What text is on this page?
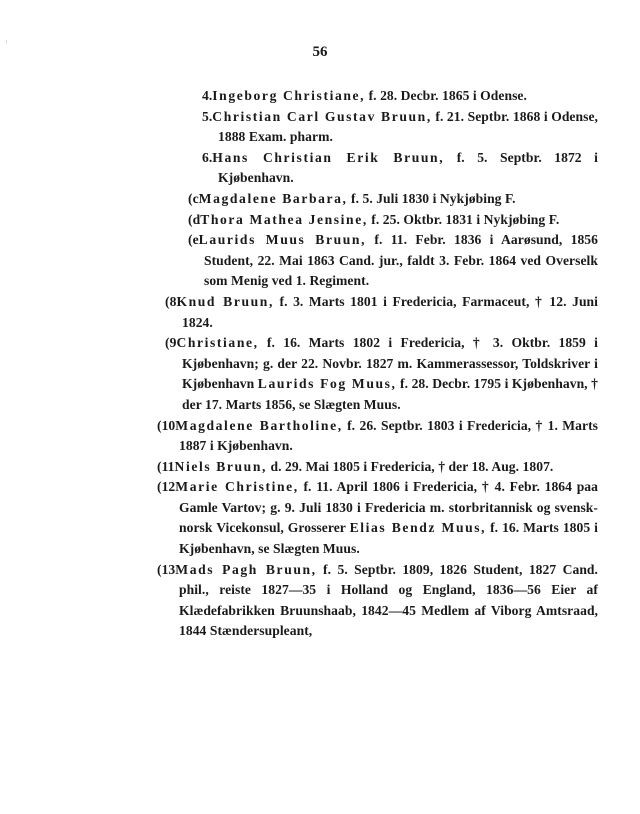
56

4.Ingeborg Christiane, f. 28. Decbr. 1865 i Odense.

5.Christian Carl Gustav Bruun, f. 21. Septbr. 1868 i Odense, 1888 Exam. pharm.

6.Hans Christian Erik Bruun, f. 5. Septbr. 1872 i Kjøbenhavn.

(cMagdalene Barbara, f. 5. Juli 1830 i Nykjøbing F.

(dThora Mathea Jensine, f. 25. Oktbr. 1831 i Nykjøbing F.

(eLaurids Muus Bruun, f. 11. Febr. 1836 i Aarøsund, 1856 Student, 22. Mai 1863 Cand. jur., faldt 3. Febr. 1864 ved Overselk som Menig ved 1. Regiment.

(8Knud Bruun, f. 3. Marts 1801 i Fredericia, Farmaceut, † 12. Juni 1824.

(9Christiane, f. 16. Marts 1802 i Fredericia, † 3. Oktbr. 1859 i Kjøbenhavn; g. der 22. Novbr. 1827 m. Kammerassessor, Toldskriver i Kjøbenhavn Laurids Fog Muus, f. 28. Decbr. 1795 i Kjøbenhavn, † der 17. Marts 1856, se Slægten Muus.

(10Magdalene Bartholine, f. 26. Septbr. 1803 i Fredericia, † 1. Marts 1887 i Kjøbenhavn.

(11Niels Bruun, d. 29. Mai 1805 i Fredericia, † der 18. Aug. 1807.

(12Marie Christine, f. 11. April 1806 i Fredericia, † 4. Febr. 1864 paa Gamle Vartov; g. 9. Juli 1830 i Fredericia m. storbritannisk og svensk-norsk Vicekonsul, Grosserer Elias Bendz Muus, f. 16. Marts 1805 i Kjøbenhavn, se Slægten Muus.

(13Mads Pagh Bruun, f. 5. Septbr. 1809, 1826 Student, 1827 Cand. phil., reiste 1827—35 i Holland og England, 1836—56 Eier af Klædefabrikken Bruunshaab, 1842—45 Medlem af Viborg Amtsraad, 1844 Stændersupleant,
